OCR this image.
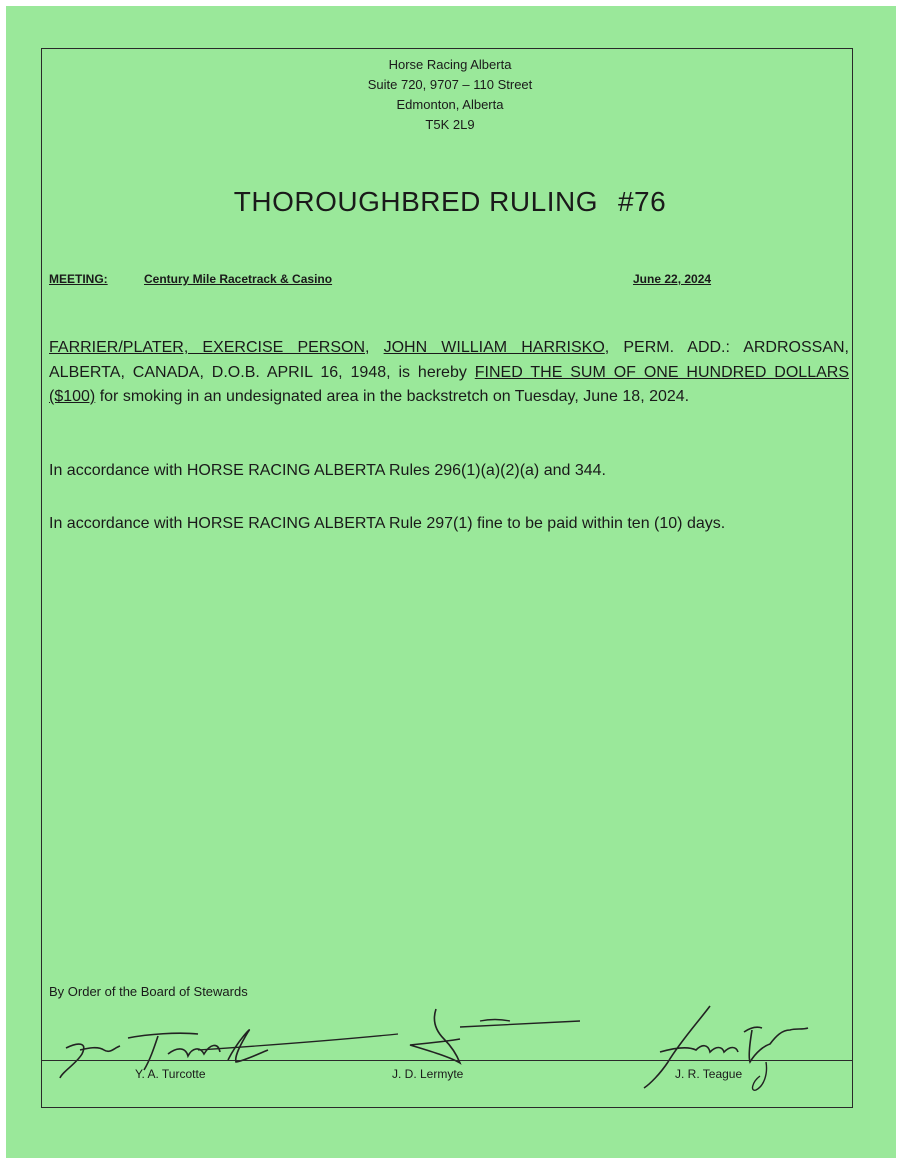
Horse Racing Alberta
Suite 720, 9707 – 110 Street
Edmonton, Alberta
T5K 2L9
THOROUGHBRED RULING #76
MEETING:	Century Mile Racetrack & Casino	June 22, 2024
FARRIER/PLATER, EXERCISE PERSON, JOHN WILLIAM HARRISKO, PERM. ADD.: ARDROSSAN, ALBERTA, CANADA, D.O.B. APRIL 16, 1948, is hereby FINED THE SUM OF ONE HUNDRED DOLLARS ($100) for smoking in an undesignated area in the backstretch on Tuesday, June 18, 2024.
In accordance with HORSE RACING ALBERTA Rules 296(1)(a)(2)(a) and 344.
In accordance with HORSE RACING ALBERTA Rule 297(1) fine to be paid within ten (10) days.
By Order of the Board of Stewards
Y. A. Turcotte	J. D. Lermyte	J. R. Teague
